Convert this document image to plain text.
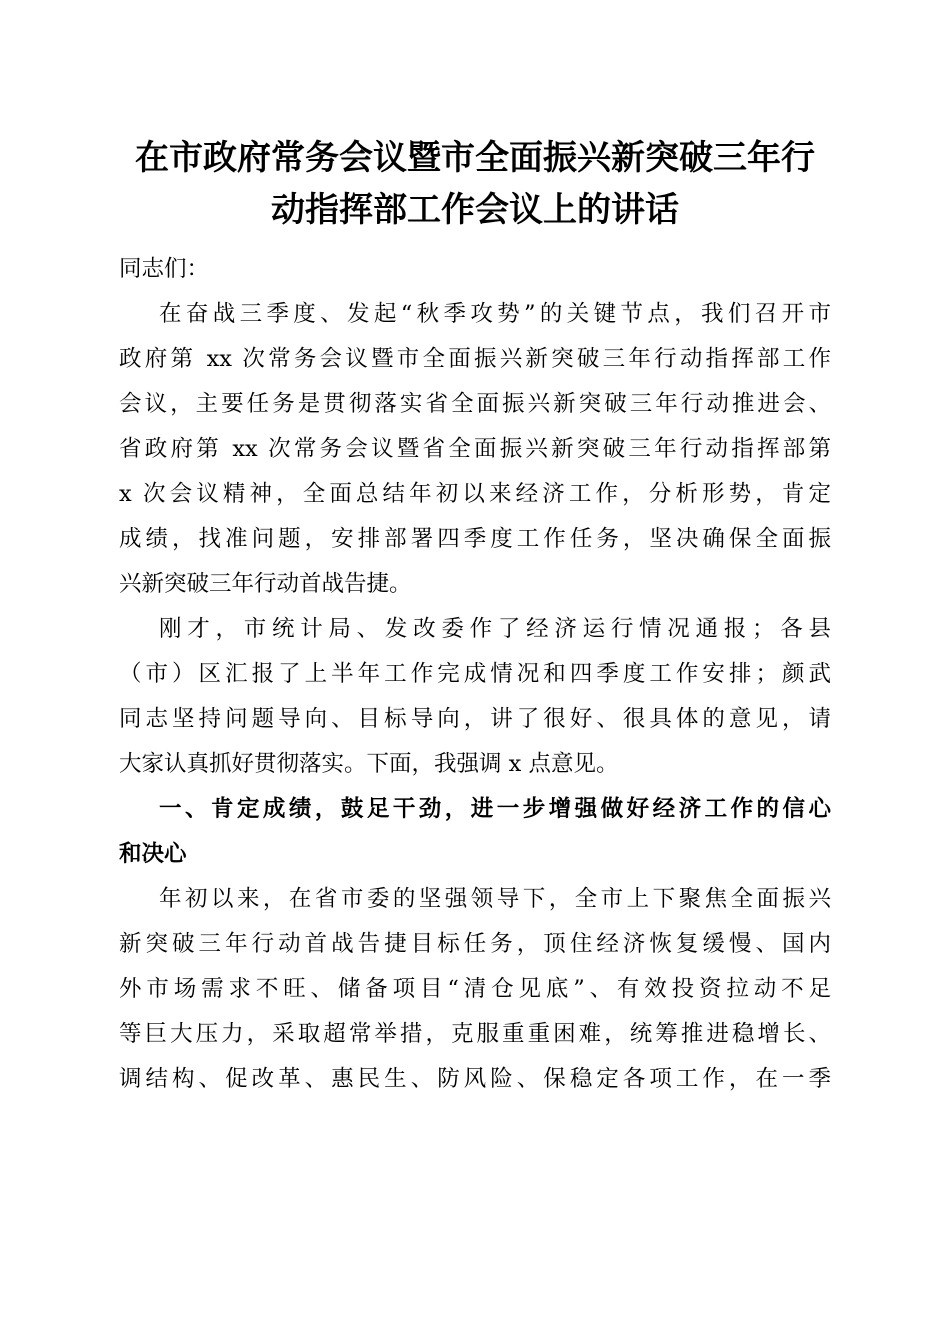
在市政府常务会议暨市全面振兴新突破三年行
动指挥部工作会议上的讲话
同志们：
在奋战三季度、发起“秋季攻势”的关键节点，我们召开市
政府第 xx 次常务会议暨市全面振兴新突破三年行动指挥部工作
会议，主要任务是贯彻落实省全面振兴新突破三年行动推进会、
省政府第 xx 次常务会议暨省全面振兴新突破三年行动指挥部第
x 次会议精神，全面总结年初以来经济工作，分析形势，肯定
成绩，找准问题，安排部署四季度工作任务，坚决确保全面振
兴新突破三年行动首战告捷。
刚才，市统计局、发改委作了经济运行情况通报；各县
（市）区汇报了上半年工作完成情况和四季度工作安排；颜武
同志坚持问题导向、目标导向，讲了很好、很具体的意见，请
大家认真抓好贯彻落实。下面，我强调 x 点意见。
一、肯定成绩，鼓足干劲，进一步增强做好经济工作的信心
和决心
年初以来，在省市委的坚强领导下，全市上下聚焦全面振兴
新突破三年行动首战告捷目标任务，顶住经济恢复缓慢、国内
外市场需求不旺、储备项目“清仓见底”、有效投资拉动不足
等巨大压力，采取超常举措，克服重重困难，统筹推进稳增长、
调结构、促改革、惠民生、防风险、保稳定各项工作，在一季
